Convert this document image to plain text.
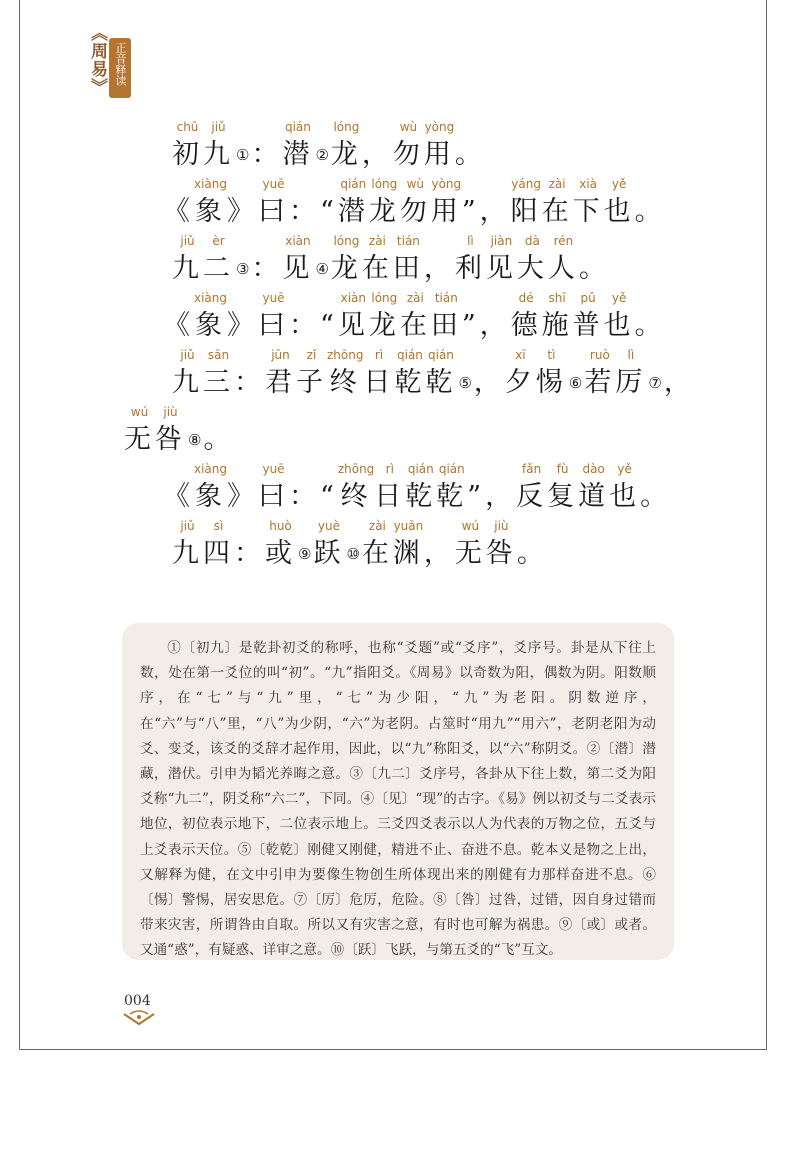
《周易》 正音释读
chū
初
jiǔ
九 ① ：
qián
潜 ②
lóng
龙 ，
wù
勿
yòng
用 。
《
xiàng
象 》
yuē
曰 ：“
qián
潜
lóng
龙
wù
勿
yòng
用 ”，
yáng
阳
zài
在
xià
下
yě
也 。
jiǔ
九
èr
二 ③ ：
xiàn
见 ④
lóng
龙
zài
在
tián
田 ，
lì
利
jiàn
见
dà
大
rén
人 。
《
xiàng
象 》
yuē
曰 ：“
xiàn
见
lóng
龙
zài
在
tián
田 ”，
dé
德
shī
施
pǔ
普
yě
也 。
jiǔ
九
sān
三 ：
jūn
君
zǐ
子
zhōng
终
rì
日
qián
乾
qián
乾 ⑤ ，
xī
夕
tì
惕 ⑥
ruò
若
lì
厉 ⑦ ，
wú
无
jiù
咎 ⑧ 。
《
xiàng
象 》
yuē
曰 ：“
zhōng
终
rì
日
qián
乾
qián
乾 ”，
fǎn
反
fù
复
dào
道
yě
也 。
jiǔ
九
sì
四 ：
huò
或 ⑨
yuè
跃 ⑩
zài
在
yuān
渊 ，
wú
无
jiù
咎 。

①〔初九〕是乾卦初爻的称呼，也称“爻题”或“爻序”，爻序号。卦是从下往上数，处在第一爻位的叫“初”。“九”指阳爻。《周易》以奇数为阳，偶数为阴。阳数顺序，在“七”与“九”里，“七”为少阳，“九”为老阳。阴数逆序，在“六”与“八”里，“八”为少阴，“六”为老阴。占筮时“用九”“用六”，老阴老阳为动爻、变爻，该爻的爻辞才起作用，因此，以“九”称阳爻，以“六”称阴爻。②〔潜〕潜藏，潜伏。引申为韬光养晦之意。③〔九二〕爻序号，各卦从下往上数，第二爻为阳爻称“九二”，阴爻称“六二”，下同。④〔见〕“现”的古字。《易》例以初爻与二爻表示地位，初位表示地下，二位表示地上。三爻四爻表示以人为代表的万物之位，五爻与上爻表示天位。⑤〔乾乾〕刚健又刚健，精进不止、奋进不息。乾本义是物之上出，又解释为健，在文中引申为要像生物创生所体现出来的刚健有力那样奋进不息。⑥〔惕〕警惕，居安思危。⑦〔厉〕危厉，危险。⑧〔咎〕过咎，过错，因自身过错而带来灾害，所谓咎由自取。所以又有灾害之意，有时也可解为祸患。⑨〔或〕或者。又通“惑”，有疑惑、详审之意。⑩〔跃〕飞跃，与第五爻的“飞”互文。

004
